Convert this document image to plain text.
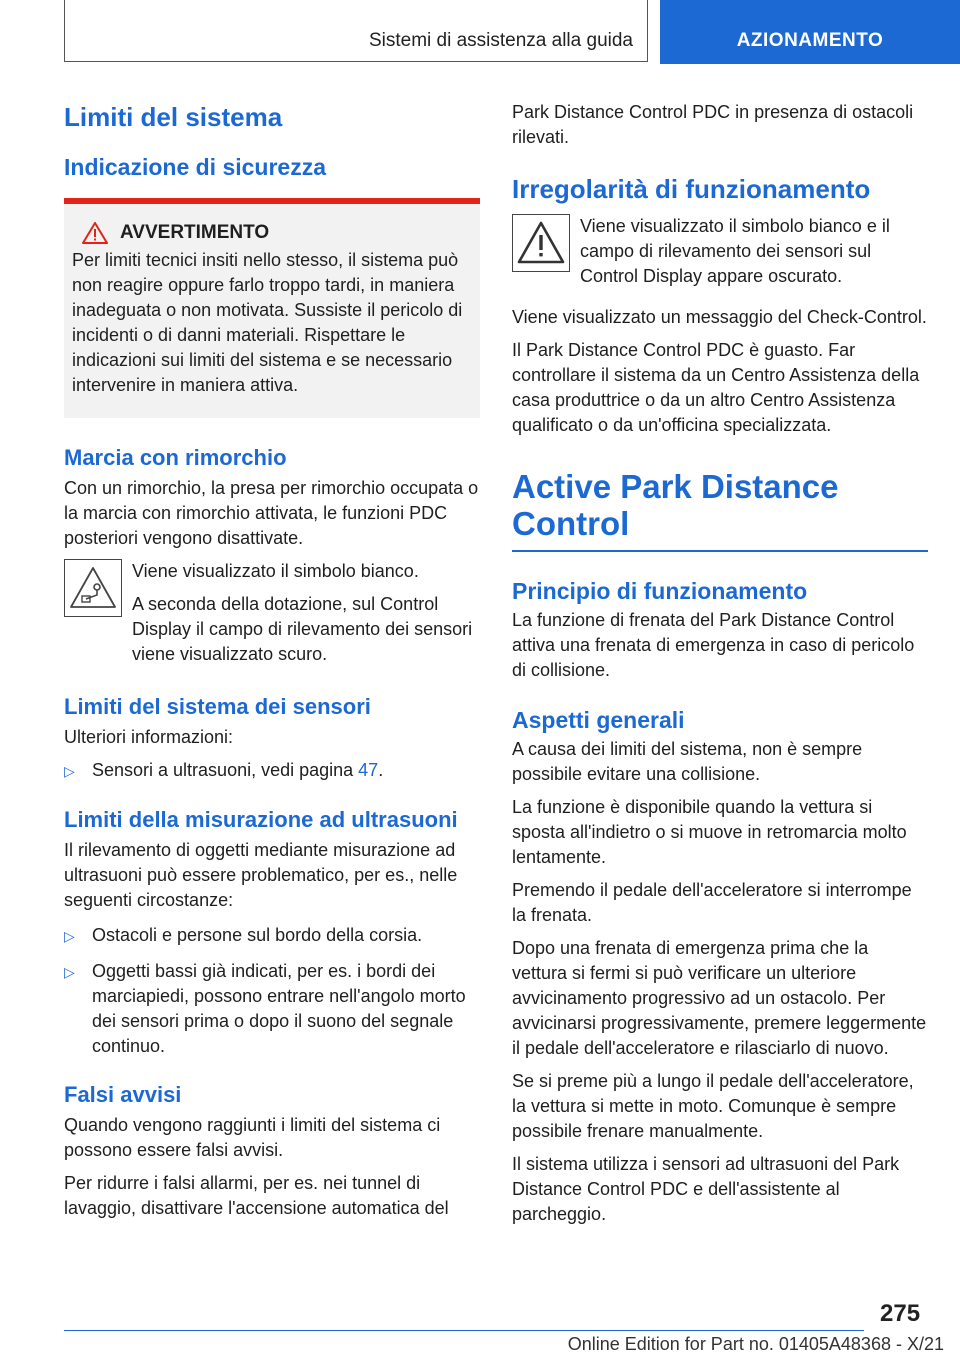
Sistemi di assistenza alla guida	AZIONAMENTO
Limiti del sistema
Indicazione di sicurezza
AVVERTIMENTO

Per limiti tecnici insiti nello stesso, il sistema può non reagire oppure farlo troppo tardi, in maniera inadeguata o non motivata. Sussiste il pericolo di incidenti o di danni materiali. Rispettare le indicazioni sui limiti del sistema e se necessario intervenire in maniera attiva.

Marcia con rimorchio

Con un rimorchio, la presa per rimorchio occupata o la marcia con rimorchio attivata, le funzioni PDC posteriori vengono disattivate.

Viene visualizzato il simbolo bianco.

A seconda della dotazione, sul Control Display il campo di rilevamento dei sensori viene visualizzato scuro.

Limiti del sistema dei sensori

Ulteriori informazioni:

▷ Sensori a ultrasuoni, vedi pagina 47.
Limiti della misurazione ad ultrasuoni

Il rilevamento di oggetti mediante misurazione ad ultrasuoni può essere problematico, per es., nelle seguenti circostanze:

▷ Ostacoli e persone sul bordo della corsia.
▷ Oggetti bassi già indicati, per es. i bordi dei marciapiedi, possono entrare nell'angolo morto dei sensori prima o dopo il suono del segnale continuo.
Falsi avvisi

Quando vengono raggiunti i limiti del sistema ci possono essere falsi avvisi.

Per ridurre i falsi allarmi, per es. nei tunnel di lavaggio, disattivare l'accensione automatica del

Park Distance Control PDC in presenza di ostacoli rilevati.

Irregolarità di funzionamento

Viene visualizzato il simbolo bianco e il campo di rilevamento dei sensori sul Control Display appare oscurato.

Viene visualizzato un messaggio del Check-Control.

Il Park Distance Control PDC è guasto. Far controllare il sistema da un Centro Assistenza della casa produttrice o da un altro Centro Assistenza qualificato o da un'officina specializzata.

Active Park Distance Control
Principio di funzionamento

La funzione di frenata del Park Distance Control attiva una frenata di emergenza in caso di pericolo di collisione.

Aspetti generali

A causa dei limiti del sistema, non è sempre possibile evitare una collisione.

La funzione è disponibile quando la vettura si sposta all'indietro o si muove in retromarcia molto lentamente.

Premendo il pedale dell'acceleratore si interrompe la frenata.

Dopo una frenata di emergenza prima che la vettura si fermi si può verificare un ulteriore avvicinamento progressivo ad un ostacolo. Per avvicinarsi progressivamente, premere leggermente il pedale dell'acceleratore e rilasciarlo di nuovo.

Se si preme più a lungo il pedale dell'acceleratore, la vettura si mette in moto. Comunque è sempre possibile frenare manualmente.

Il sistema utilizza i sensori ad ultrasuoni del Park Distance Control PDC e dell'assistente al parcheggio.

275
Online Edition for Part no. 01405A48368 - X/21
